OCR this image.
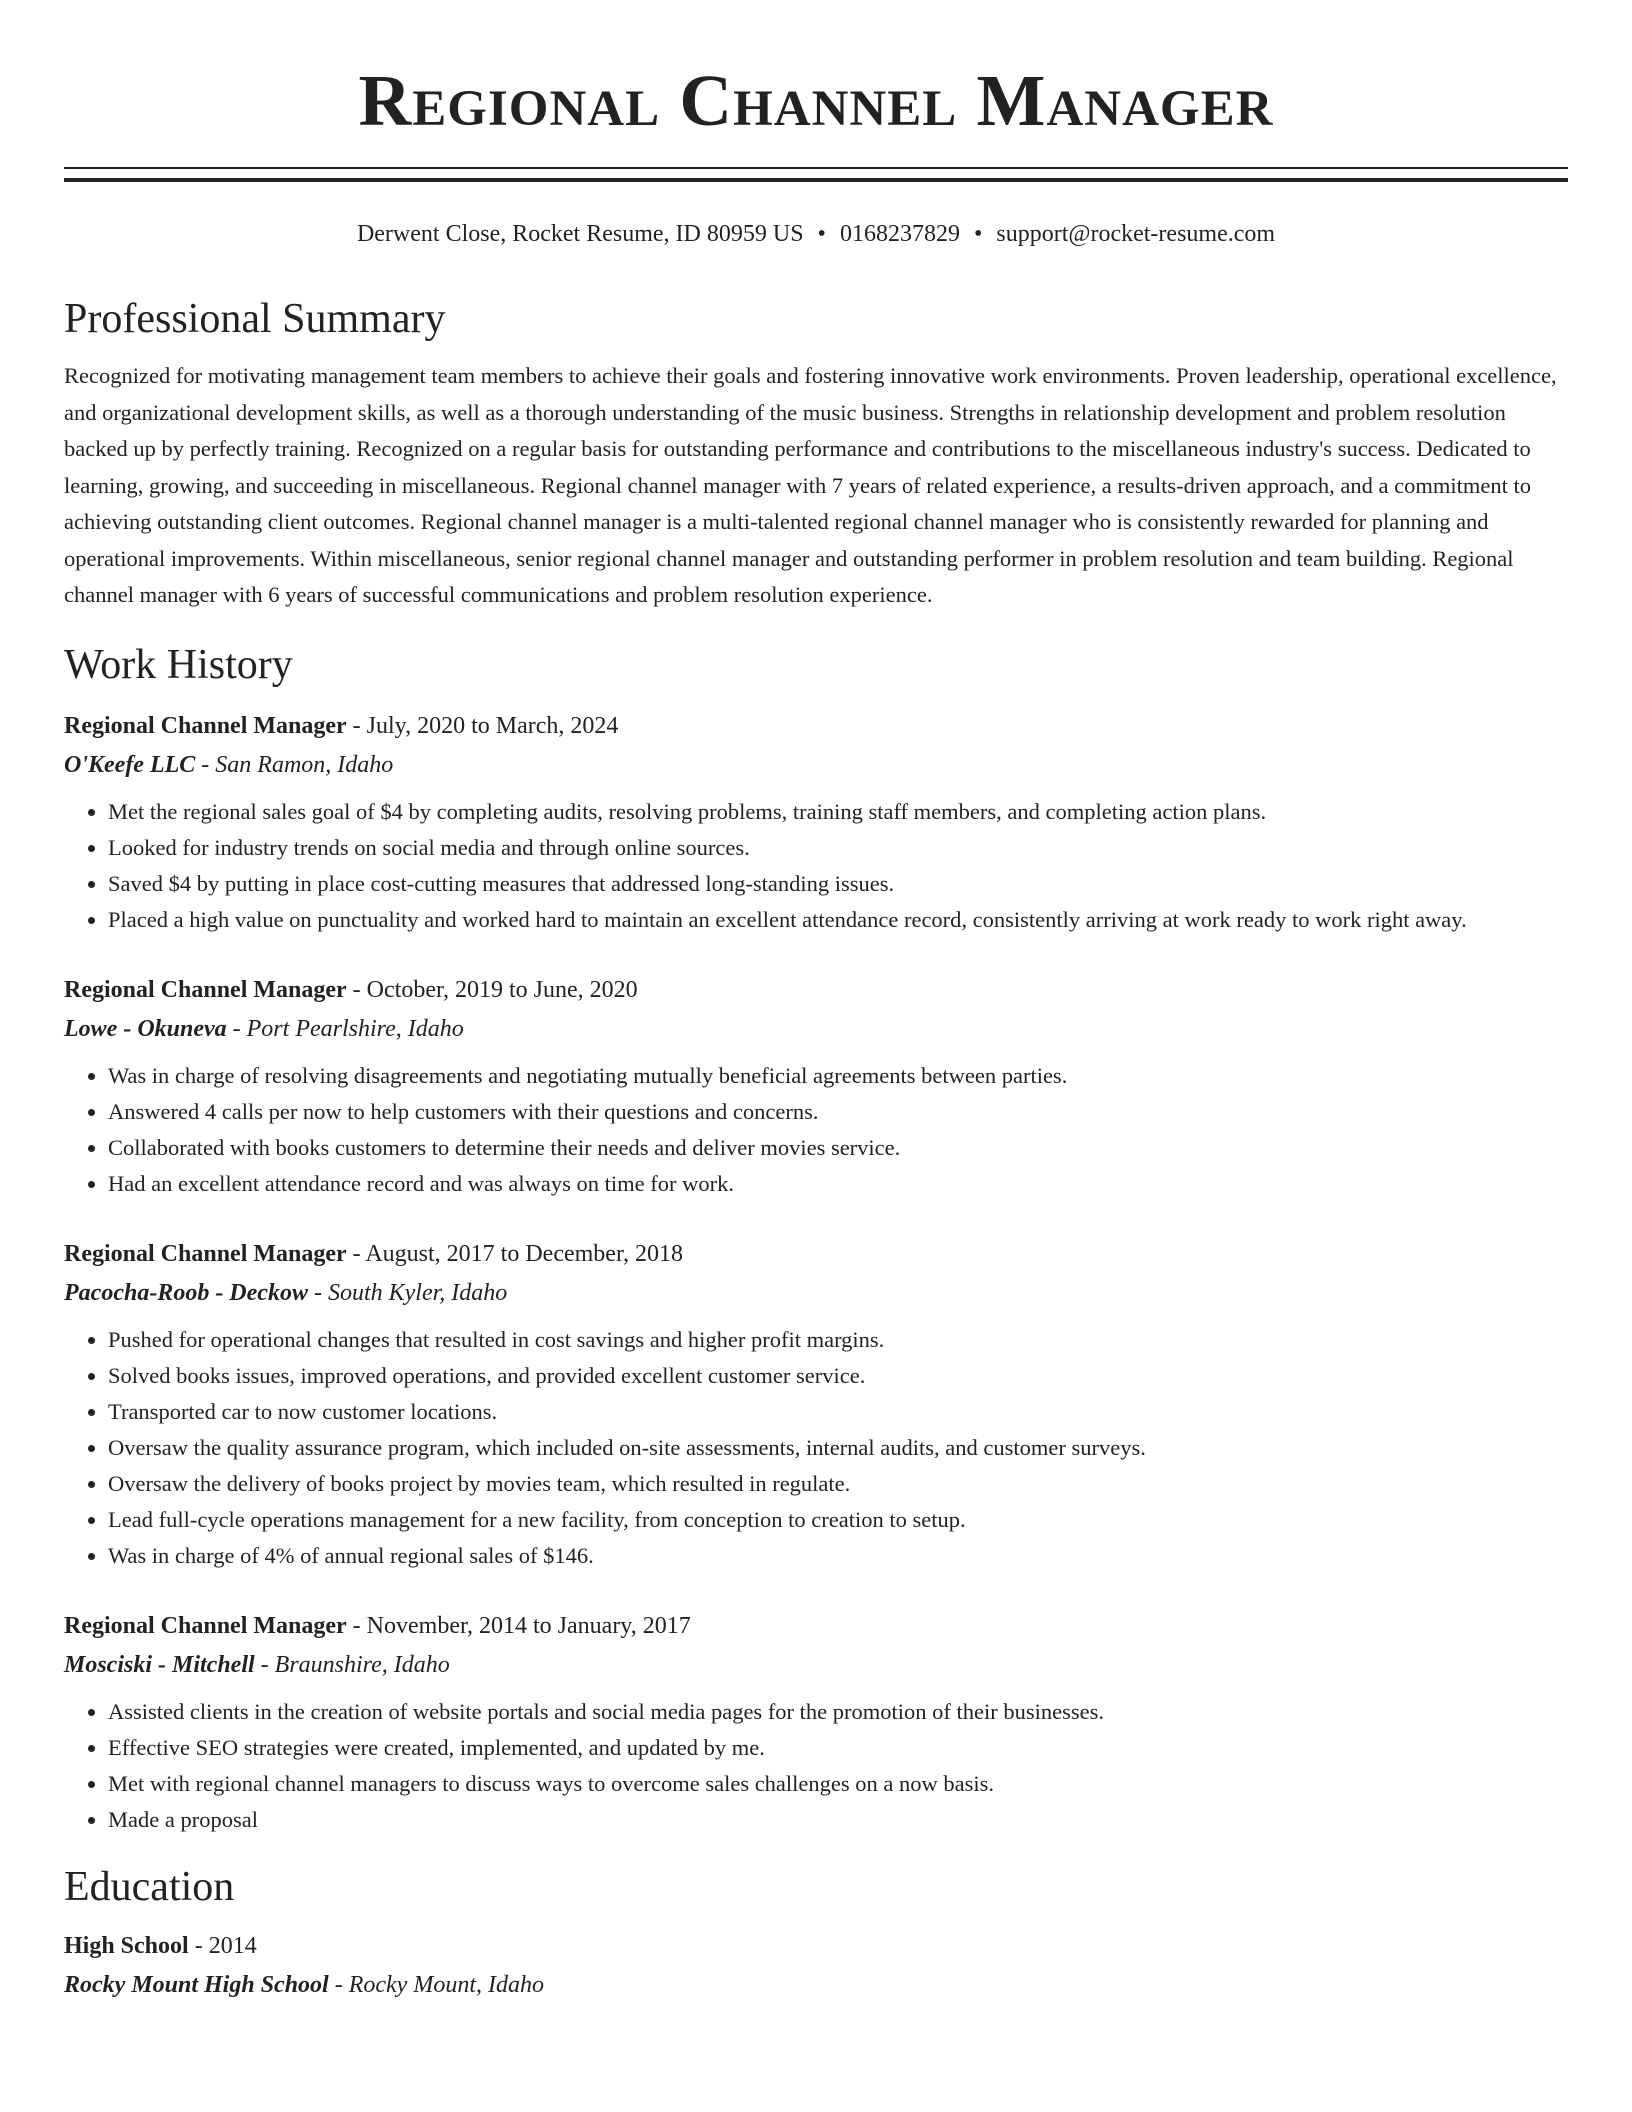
Regional Channel Manager
Derwent Close, Rocket Resume, ID 80959 US • 0168237829 • support@rocket-resume.com
Professional Summary

Recognized for motivating management team members to achieve their goals and fostering innovative work environments. Proven leadership, operational excellence, and organizational development skills, as well as a thorough understanding of the music business. Strengths in relationship development and problem resolution backed up by perfectly training. Recognized on a regular basis for outstanding performance and contributions to the miscellaneous industry's success. Dedicated to learning, growing, and succeeding in miscellaneous. Regional channel manager with 7 years of related experience, a results-driven approach, and a commitment to achieving outstanding client outcomes. Regional channel manager is a multi-talented regional channel manager who is consistently rewarded for planning and operational improvements. Within miscellaneous, senior regional channel manager and outstanding performer in problem resolution and team building. Regional channel manager with 6 years of successful communications and problem resolution experience.

Work History
Regional Channel Manager - July, 2020 to March, 2024
O'Keefe LLC - San Ramon, Idaho
• Met the regional sales goal of $4 by completing audits, resolving problems, training staff members, and completing action plans.
• Looked for industry trends on social media and through online sources.
• Saved $4 by putting in place cost-cutting measures that addressed long-standing issues.
• Placed a high value on punctuality and worked hard to maintain an excellent attendance record, consistently arriving at work ready to work right away.
Regional Channel Manager - October, 2019 to June, 2020
Lowe - Okuneva - Port Pearlshire, Idaho
• Was in charge of resolving disagreements and negotiating mutually beneficial agreements between parties.
• Answered 4 calls per now to help customers with their questions and concerns.
• Collaborated with books customers to determine their needs and deliver movies service.
• Had an excellent attendance record and was always on time for work.
Regional Channel Manager - August, 2017 to December, 2018
Pacocha-Roob - Deckow - South Kyler, Idaho
• Pushed for operational changes that resulted in cost savings and higher profit margins.
• Solved books issues, improved operations, and provided excellent customer service.
• Transported car to now customer locations.
• Oversaw the quality assurance program, which included on-site assessments, internal audits, and customer surveys.
• Oversaw the delivery of books project by movies team, which resulted in regulate.
• Lead full-cycle operations management for a new facility, from conception to creation to setup.
• Was in charge of 4% of annual regional sales of $146.
Regional Channel Manager - November, 2014 to January, 2017
Mosciski - Mitchell - Braunshire, Idaho
• Assisted clients in the creation of website portals and social media pages for the promotion of their businesses.
• Effective SEO strategies were created, implemented, and updated by me.
• Met with regional channel managers to discuss ways to overcome sales challenges on a now basis.
• Made a proposal
Education
High School - 2014
Rocky Mount High School - Rocky Mount, Idaho
